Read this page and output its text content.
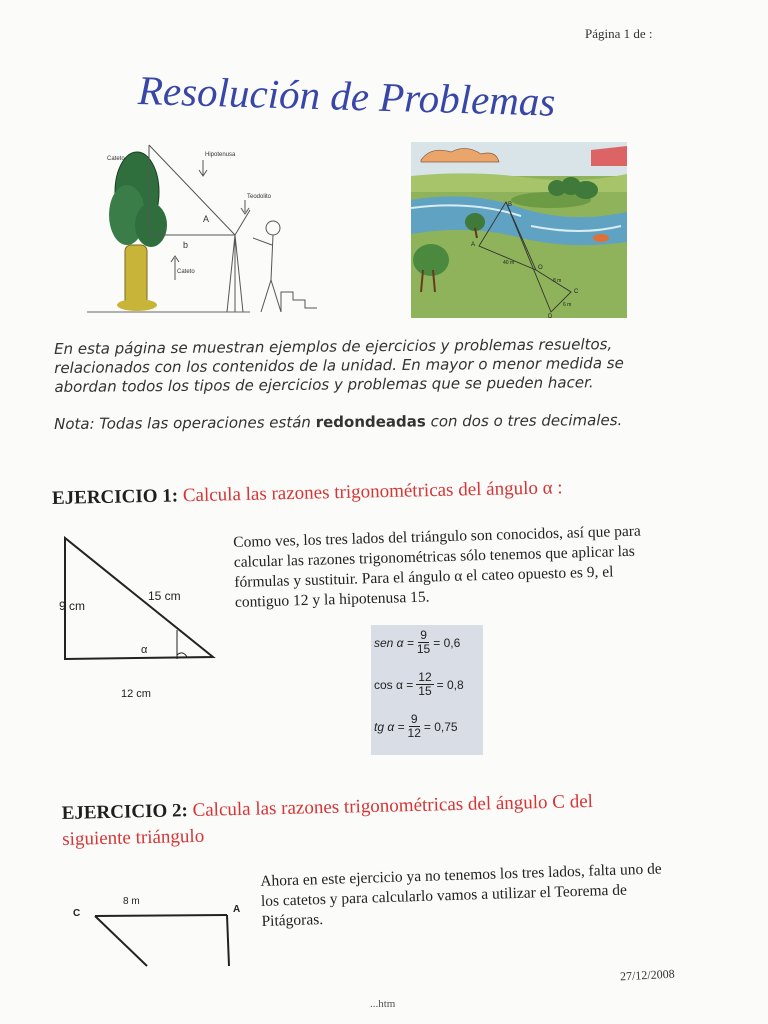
Página 1 de :
Resolución de Problemas
Cateto
Hipotenusa
Teodolito
A
b
Cateto
B
A
O
C
D
40 m
8 m
6 m
En esta página se muestran ejemplos de ejercicios y problemas resueltos, relacionados con los contenidos de la unidad. En mayor o menor medida se abordan todos los tipos de ejercicios y problemas que se pueden hacer.
Nota: Todas las operaciones están redondeadas con dos o tres decimales.
EJERCICIO 1: Calcula las razones trigonométricas del ángulo α :
9 cm
15 cm
α
12 cm
Como ves, los tres lados del triángulo son conocidos, así que para calcular las razones trigonométricas sólo tenemos que aplicar las fórmulas y sustituir. Para el ángulo α el cateo opuesto es 9, el contiguo 12 y la hipotenusa 15.
sen $\alpha = \frac{9}{15} = 0,6$
$\cos \alpha = \frac{12}{15} = 0,8$
tg $\alpha = \frac{9}{12} = 0,75$
EJERCICIO 2: Calcula las razones trigonométricas del ángulo C del
siguiente triángulo
C
8 m
A
Ahora en este ejercicio ya no tenemos los tres lados, falta uno de los catetos y para calcularlo vamos a utilizar el Teorema de Pitágoras.
27/12/2008
...htm
